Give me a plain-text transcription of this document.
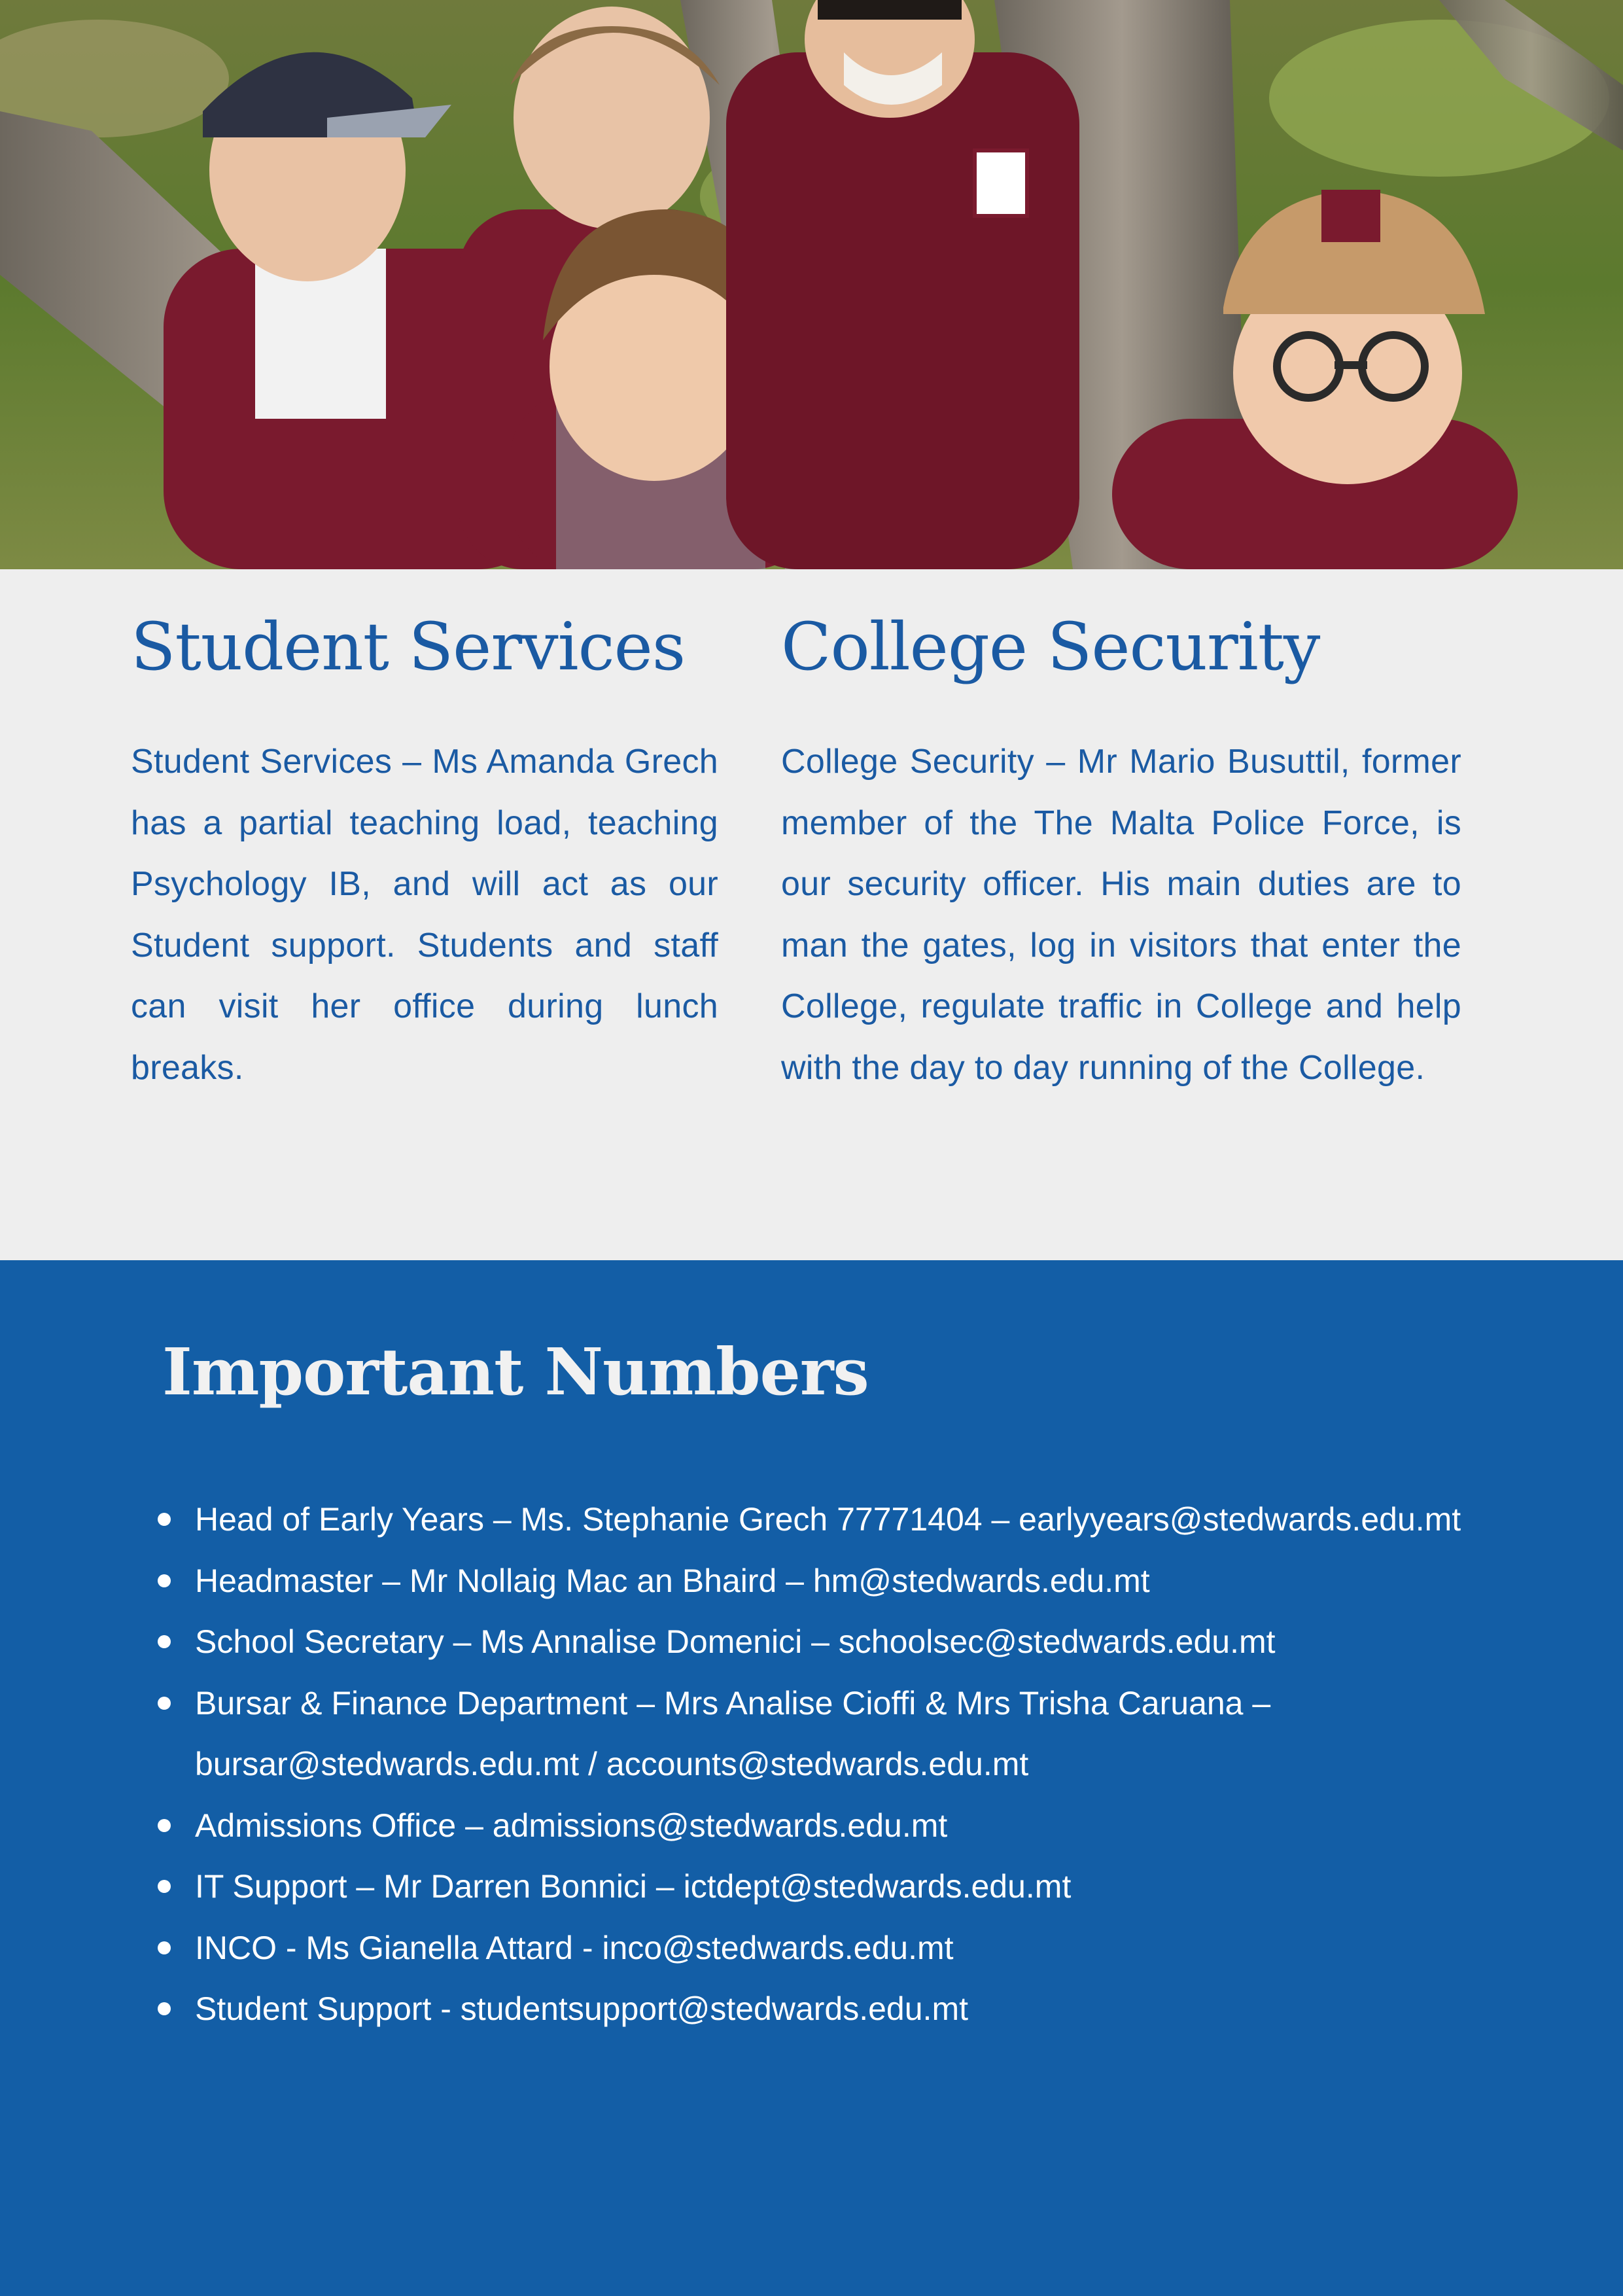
Student Services

Student Services – Ms Amanda Grech has a partial teaching load, teaching Psychology IB, and will act as our Student support. Students and staff can visit her office during lunch breaks.

College Security

College Security – Mr Mario Busuttil, former member of the The Malta Police Force, is our security officer. His main duties are to man the gates, log in visitors that enter the College, regulate traffic in College and help with the day to day running of the College.

Important Numbers
Head of Early Years – Ms. Stephanie Grech 77771404 – earlyyears@stedwards.edu.mt
Headmaster – Mr Nollaig Mac an Bhaird – hm@stedwards.edu.mt
School Secretary – Ms Annalise Domenici – schoolsec@stedwards.edu.mt
Bursar & Finance Department – Mrs Analise Cioffi & Mrs Trisha Caruana – bursar@stedwards.edu.mt / accounts@stedwards.edu.mt
Admissions Office – admissions@stedwards.edu.mt
IT Support – Mr Darren Bonnici – ictdept@stedwards.edu.mt
INCO - Ms Gianella Attard - inco@stedwards.edu.mt
Student Support - studentsupport@stedwards.edu.mt
